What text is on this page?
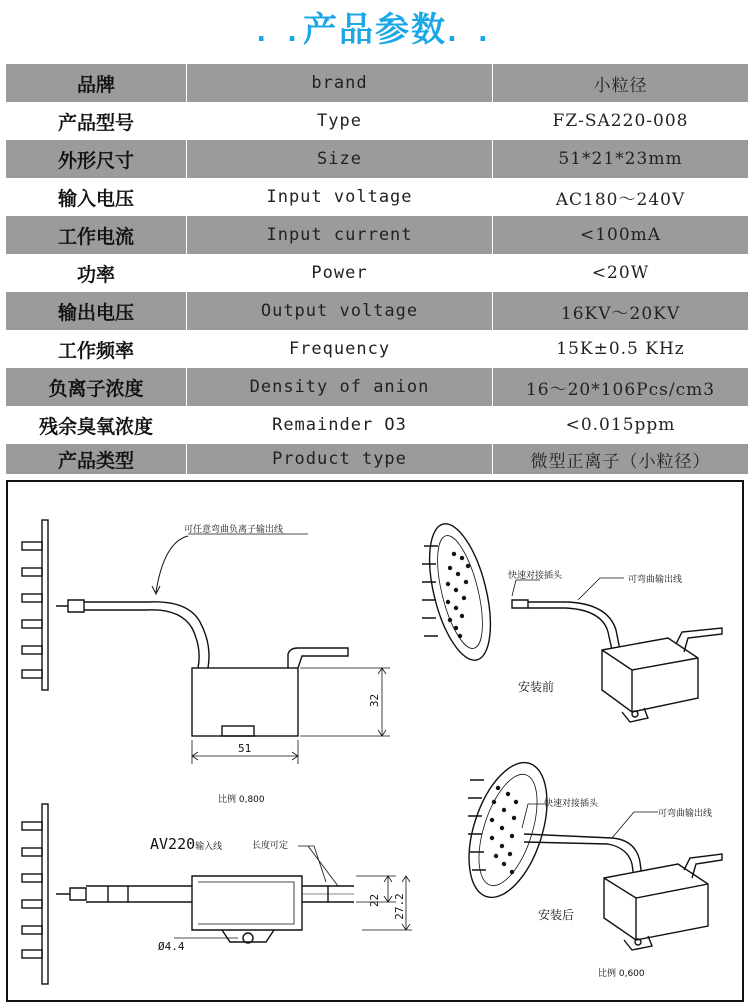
. .产品参数. .
品牌	brand	小粒径
产品型号	Type	FZ-SA220-008
外形尺寸	Size	51*21*23mm
输入电压	Input voltage	AC180～240V
工作电流	Input current	<100mA
功率	Power	<20W
输出电压	Output voltage	16KV～20KV
工作频率	Frequency	15K±0.5 KHz
负离子浓度	Density of anion	16～20*106Pcs/cm3
残余臭氧浓度	Remainder O3	<0.015ppm
产品类型	Product type	微型正离子（小粒径）
可任意弯曲负离子输出线
32
51
比例 0,800
AV220输入线	长度可定
22 27.2
Ø4.4
快速对接插头	可弯曲输出线
安装前
快速对接插头
可弯曲输出线
安装后
比例 0,600
